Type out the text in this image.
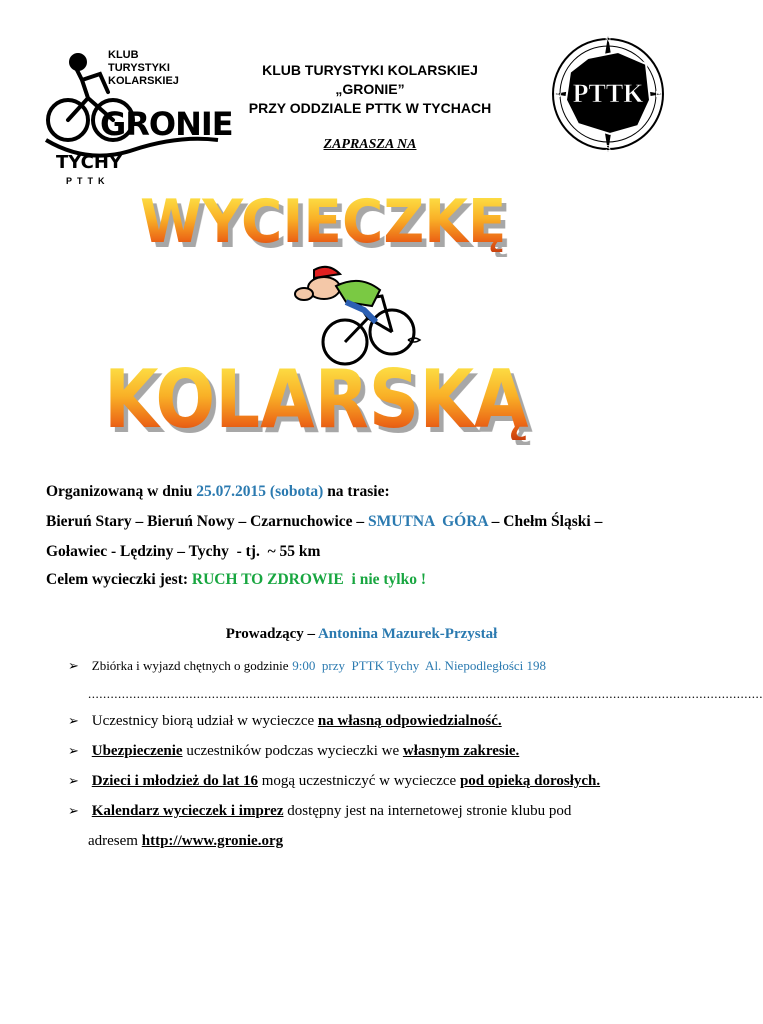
KLUB
TURYSTYKI
KOLARSKIEJ
GRONIE
TYCHY
PTTK
KLUB TURYSTYKI KOLARSKIEJ
„GRONIE”
PRZY ODDZIALE PTTK W TYCHACH
ZAPRASZA NA
PTTK
N
E
S
W
WYCIECZKĘ
KOLARSKĄ
Organizowaną w dniu 25.07.2015 (sobota) na trasie:
Bieruń Stary – Bieruń Nowy – Czarnuchowice – SMUTNA  GÓRA – Chełm Śląski –
Goławiec - Lędziny – Tychy  - tj.  ~ 55 km
Celem wycieczki jest: RUCH TO ZDROWIE  i nie tylko !
Prowadzący – Antonina Mazurek-Przystał
➢ Zbiórka i wyjazd chętnych o godzinie 9:00  przy  PTTK Tychy  Al. Niepodległości 198
....................................................................................................................................................................................
➢ Uczestnicy biorą udział w wycieczce na własną odpowiedzialność.
➢ Ubezpieczenie uczestników podczas wycieczki we własnym zakresie.
➢ Dzieci i młodzież do lat 16 mogą uczestniczyć w wycieczce pod opieką dorosłych.
➢ Kalendarz wycieczek i imprez dostępny jest na internetowej stronie klubu pod
adresem http://www.gronie.org
